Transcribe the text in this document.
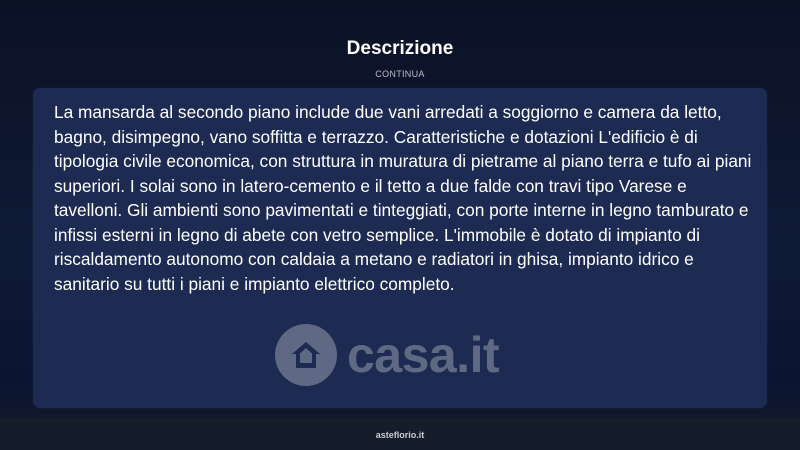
Descrizione
CONTINUA

La mansarda al secondo piano include due vani arredati a soggiorno e camera da letto, bagno, disimpegno, vano soffitta e terrazzo. Caratteristiche e dotazioni L'edificio è di tipologia civile economica, con struttura in muratura di pietrame al piano terra e tufo ai piani superiori. I solai sono in latero-cemento e il tetto a due falde con travi tipo Varese e tavelloni. Gli ambienti sono pavimentati e tinteggiati, con porte interne in legno tamburato e infissi esterni in legno di abete con vetro semplice. L'immobile è dotato di impianto di riscaldamento autonomo con caldaia a metano e radiatori in ghisa, impianto idrico e sanitario su tutti i piani e impianto elettrico completo.

casa.it
asteflorio.it
